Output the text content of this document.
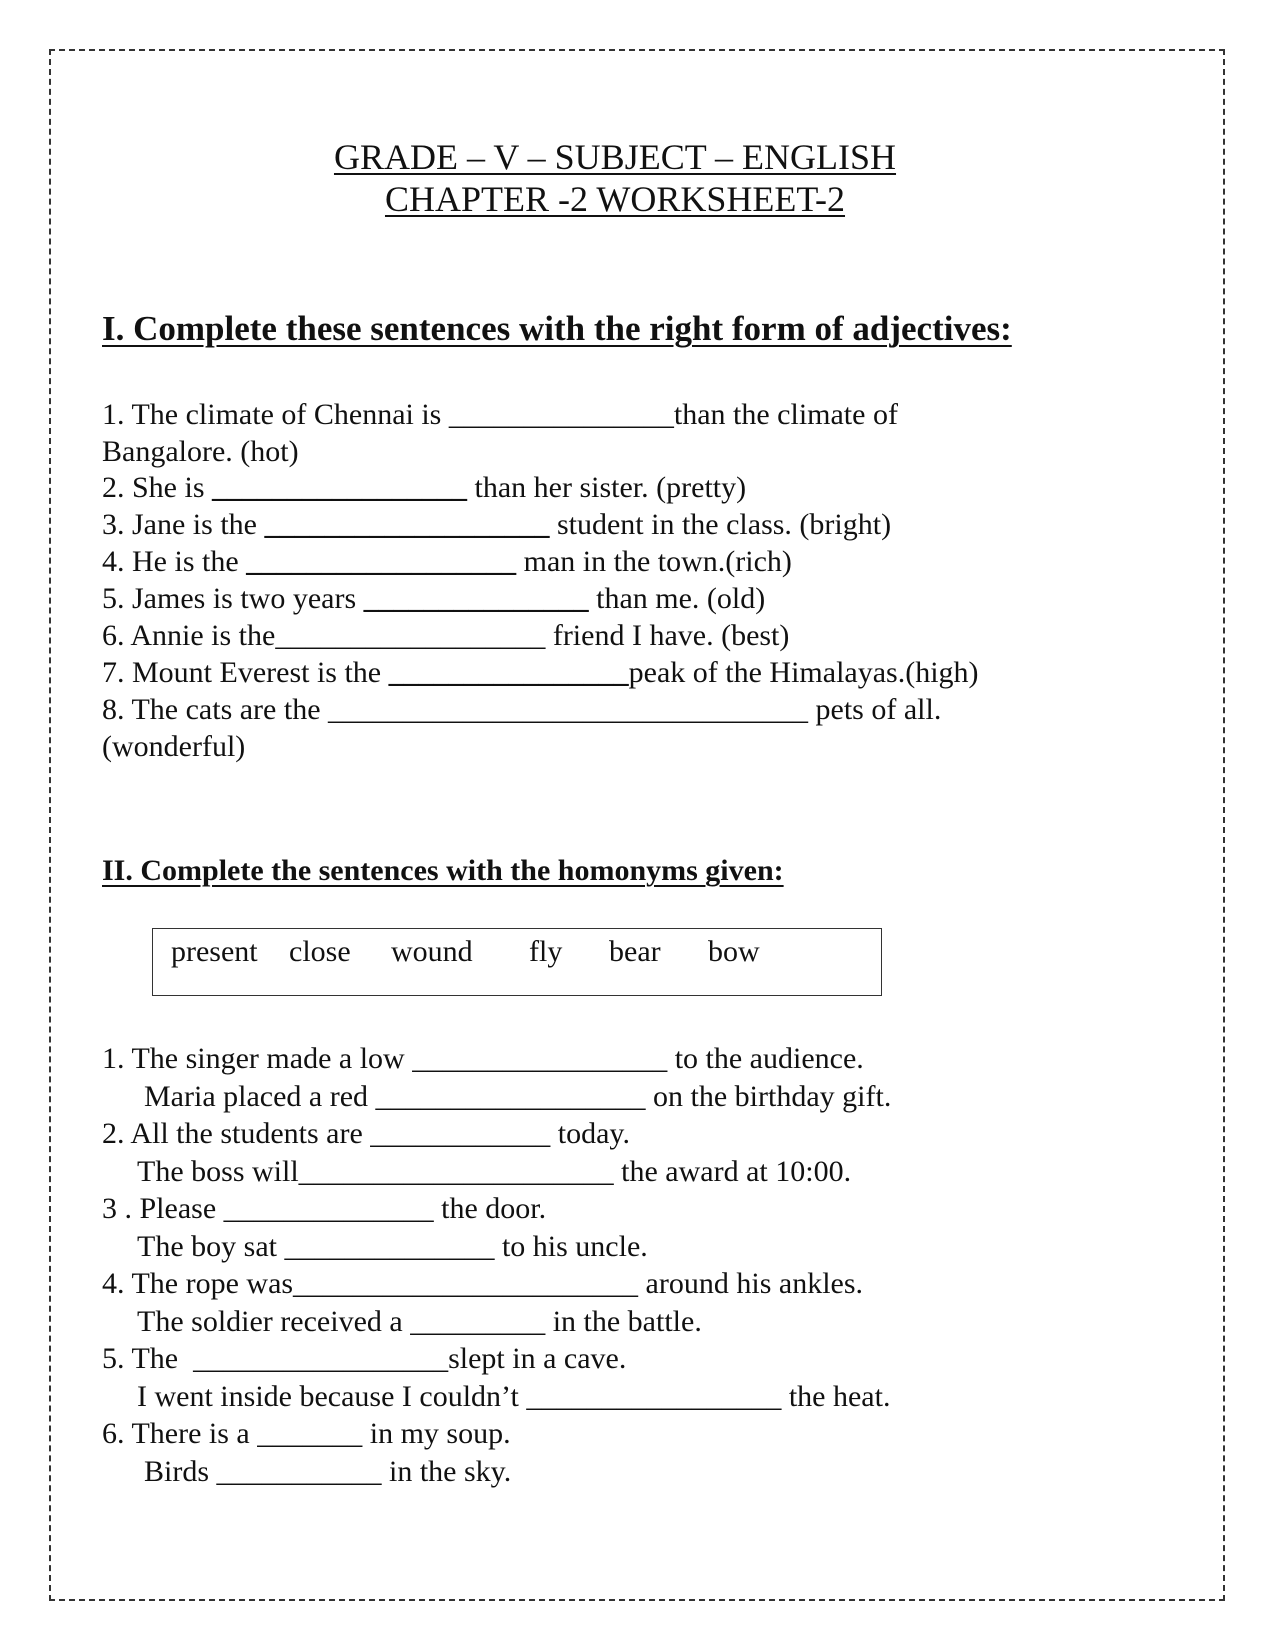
GRADE – V – SUBJECT – ENGLISH
CHAPTER -2 WORKSHEET-2
I. Complete these sentences with the right form of adjectives:
1. The climate of Chennai is _______________than the climate of
Bangalore. (hot)
2. She is _________________ than her sister. (pretty)
3. Jane is the ___________________ student in the class. (bright)
4. He is the __________________ man in the town.(rich)
5. James is two years _______________ than me. (old)
6. Annie is the__________________ friend I have. (best)
7. Mount Everest is the ________________peak of the Himalayas.(high)
8. The cats are the ________________________________ pets of all.
(wonderful)
II. Complete the sentences with the homonyms given:
present close wound fly bear bow
1. The singer made a low _________________ to the audience.
Maria placed a red __________________ on the birthday gift.
2. All the students are ____________ today.
The boss will_____________________ the award at 10:00.
3 . Please ______________ the door.
The boy sat ______________ to his uncle.
4. The rope was_______________________ around his ankles.
The soldier received a _________ in the battle.
5. The  _________________slept in a cave.
I went inside because I couldn’t _________________ the heat.
6. There is a _______ in my soup.
Birds ___________ in the sky.
